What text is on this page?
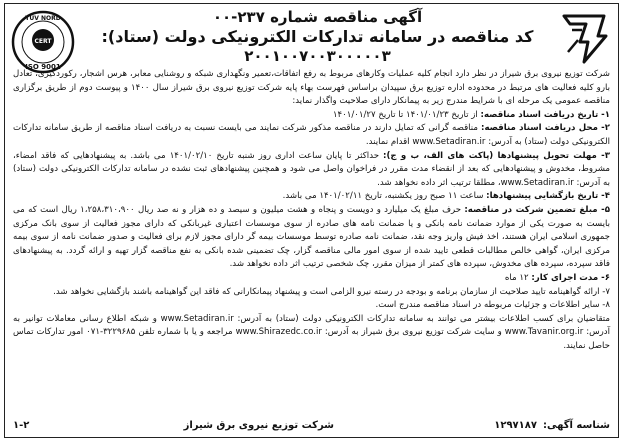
CERT
TÜV NORD
ISO 9001
آگهی مناقصه شماره ۲۳۷-۰۰
کد مناقصه در سامانه تدارکات الکترونیکی دولت (ستاد):
۲۰۰۱۰۰۷۰۰۳۰۰۰۰۰۳

شرکت توزیع نیروی برق شیراز در نظر دارد انجام کلیه عملیات وکارهای مربوط به رفع اتفاقات،تعمیر ونگهداری شبکه و روشنایی معابر، هرس اشجار، رکوردگیری، تعادل بارو کلیه فعالیت های مرتبط در محدوده اداره توزیع برق سپیدان براساس فهرست بهاء پایه شرکت توزیع نیروی برق شیراز سال ۱۴۰۰ و پیوست دوم از طریق برگزاری مناقصه عمومی یک مرحله ای با شرایط مندرج زیر به پیمانکار دارای صلاحیت واگذار نماید:

۱- تاریخ دریافت اسناد مناقصه: از تاریخ ۱۴۰۱/۰۱/۲۳ تا تاریخ ۱۴۰۱/۰۱/۲۷

۲- محل دریافت اسناد مناقصه: مناقصه گرانی که تمایل دارند در مناقصه مذکور شرکت نمایند می بایست نسبت به دریافت اسناد مناقصه از طریق سامانه تدارکات الکترونیکی دولت (ستاد) به آدرس: www.Setadiran.ir اقدام نمایند.

۳- مهلت تحویل پیشنهادها (پاکت های الف، ب و ج): حداکثر تا پایان ساعت اداری روز شنبه تاریخ ۱۴۰۱/۰۲/۱۰ می باشد. به پیشنهادهایی که فاقد امضاء، مشروط، مخدوش و پیشنهادهایی که بعد از انقضاء مدت مقرر در فراخوان واصل می شود و همچنین پیشنهادهای ثبت نشده در سامانه تدارکات الکترونیکی دولت (ستاد) به آدرس: www.Setadiran.ir، مطلقا ترتیب اثر داده نخواهد شد.

۴- تاریخ بازگشایی پیشنهادها: ساعت ۱۱ صبح روز یکشنبه، تاریخ ۱۴۰۱/۰۲/۱۱ می باشد.

۵- مبلغ تضمین شرکت در مناقصه: حرف مبلغ یک میلیارد و دویست و پنجاه و هشت میلیون و سیصد و ده هزار و نه صد ریال ۱،۲۵۸،۳۱۰،۹۰۰ ریال است که می بایست به صورت یکی از موارد ضمانت نامه بانکی و یا ضمانت نامه های صادره از سوی موسسات اعتباری غیربانکی که دارای مجوز فعالیت از سوی بانک مرکزی جمهوری اسلامی ایران هستند، اخذ فیش واریز وجه نقد، ضمانت نامه صادره توسط موسسات بیمه گر دارای مجوز لازم برای فعالیت و صدور ضمانت نامه از سوی بیمه مرکزی ایران، گواهی خالص مطالبات قطعی تایید شده از سوی امور مالی مناقصه گزار، چک تضمینی شده بانکی به نفع مناقصه گزار تهیه و ارائه گردد. به پیشنهادهای فاقد سپرده، سپرده های مخدوش، سپرده های کمتر از میزان مقرر، چک شخصی ترتیب اثر داده نخواهد شد.

۶- مدت اجرای کار: ۱۲ ماه

۷- ارائه گواهینامه تایید صلاحیت از سازمان برنامه و بودجه در رسته نیرو الزامی است و پیشنهاد پیمانکارانی که فاقد این گواهینامه باشند بازگشایی نخواهد شد.

۸- سایر اطلاعات و جزئیات مربوطه در اسناد مناقصه مندرج است.

متقاضیان برای کسب اطلاعات بیشتر می توانند به سامانه تدارکات الکترونیکی دولت (ستاد) به آدرس: www.Setadiran.ir و شبکه اطلاع رسانی معاملات توانیر به آدرس: www.Tavanir.org.ir و سایت شرکت توزیع نیروی برق شیراز به آدرس: www.Shirazedc.co.ir مراجعه و یا با شماره تلفن ۳۲۲۹۶۸۵-۰۷۱ امور تدارکات تماس حاصل نمایند.

شناسه آگهی:۱۲۹۷۱۸۷
شرکت توزیع نیروی برق شیراز
۱-۲
